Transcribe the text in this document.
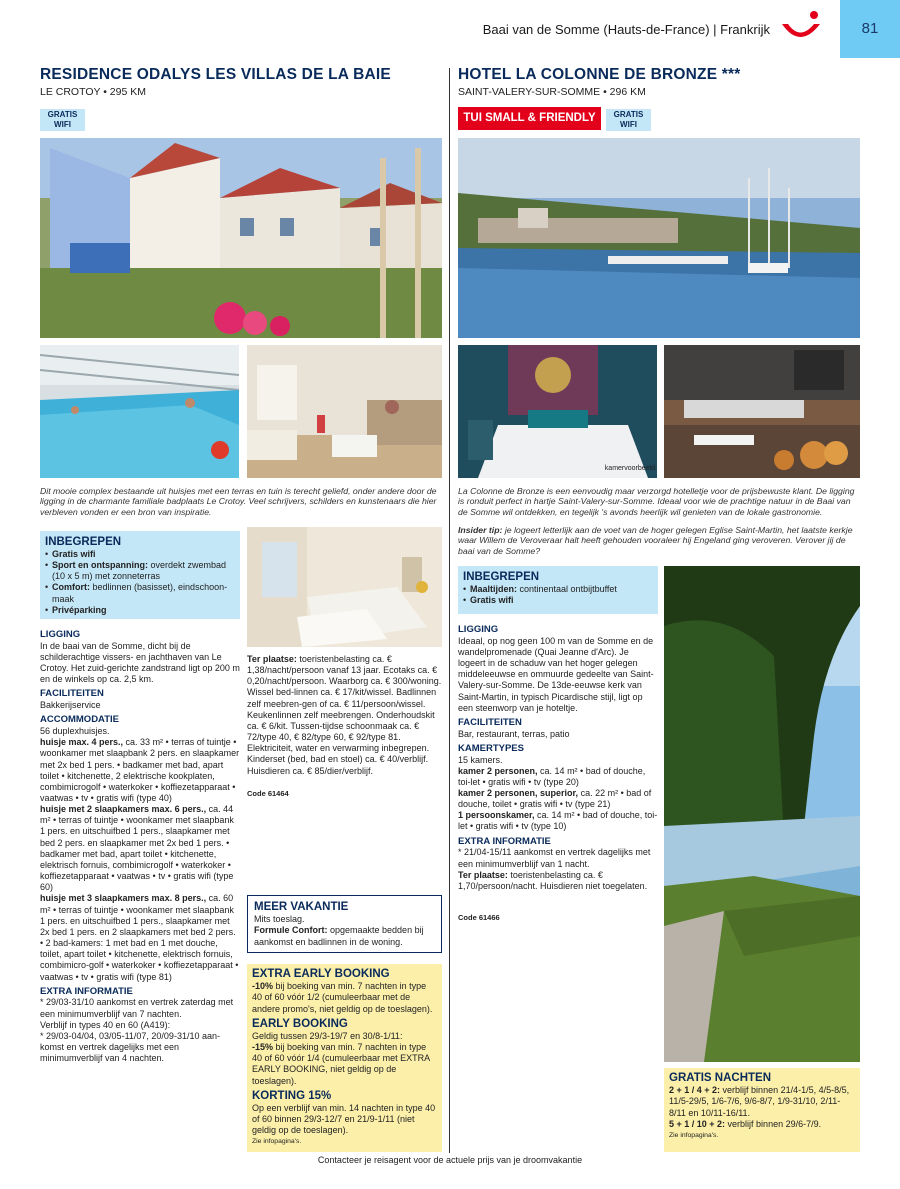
Baai van de Somme (Hauts-de-France) | Frankrijk	81
RESIDENCE ODALYS LES VILLAS DE LA BAIE
LE CROTOY • 295 KM
GRATIS
WIFI
Dit mooie complex bestaande uit huisjes met een terras en tuin is terecht geliefd, onder andere door de ligging in de charmante familiale badplaats Le Crotoy. Veel schrijvers, schilders en kunstenaars die hier verbleven vonden er een bron van inspiratie.
INBEGREPEN
• Gratis wifi
• Sport en ontspanning: overdekt zwembad (10 x 5 m) met zonneterras
• Comfort: bedlinnen (basisset), eindschoon-maak
• Privéparking
LIGGING
In de baai van de Somme, dicht bij de schilderachtige vissers- en jachthaven van Le Crotoy. Het zuid-gerichte zandstrand ligt op 200 m en de winkels op ca. 2,5 km.
FACILITEITEN
Bakkerijservice
ACCOMMODATIE
56 duplexhuisjes.
huisje max. 4 pers., ca. 33 m² • terras of tuintje • woonkamer met slaapbank 2 pers. en slaapkamer met 2x bed 1 pers. • badkamer met bad, apart toilet • kitchenette, 2 elektrische kookplaten, combimicrogolf • waterkoker • koffiezetapparaat • vaatwas • tv • gratis wifi (type 40)
huisje met 2 slaapkamers max. 6 pers., ca. 44 m² • terras of tuintje • woonkamer met slaapbank 1 pers. en uitschuifbed 1 pers., slaapkamer met bed 2 pers. en slaapkamer met 2x bed 1 pers. • badkamer met bad, apart toilet • kitchenette, elektrisch fornuis, combimicrogolf • waterkoker • koffiezetapparaat • vaatwas • tv • gratis wifi (type 60)
huisje met 3 slaapkamers max. 8 pers., ca. 60 m² • terras of tuintje • woonkamer met slaapbank 1 pers. en uitschuifbed 1 pers., slaapkamer met 2x bed 1 pers. en 2 slaapkamers met bed 2 pers. • 2 bad-kamers: 1 met bad en 1 met douche, toilet, apart toilet • kitchenette, elektrisch fornuis, combimicro-golf • waterkoker • koffiezetapparaat • vaatwas • tv • gratis wifi (type 81)
EXTRA INFORMATIE
* 29/03-31/10 aankomst en vertrek zaterdag met een minimumverblijf van 7 nachten.
Verblijf in types 40 en 60 (A419):
* 29/03-04/04, 03/05-11/07, 20/09-31/10 aan-komst en vertrek dagelijks met een minimumverblijf van 4 nachten.
Ter plaatse: toeristenbelasting ca. € 1,38/nacht/persoon vanaf 13 jaar. Ecotaks ca. € 0,20/nacht/persoon. Waarborg ca. € 300/woning. Wissel bed-linnen ca. € 17/kit/wissel. Badlinnen zelf meebren-gen of ca. € 11/persoon/wissel. Keukenlinnen zelf meebrengen. Onderhoudskit ca. € 6/kit. Tussen-tijdse schoonmaak ca. € 72/type 40, € 82/type 60, € 92/type 81. Elektriciteit, water en verwarming inbegrepen. Kinderset (bed, bad en stoel) ca. € 40/verblijf. Huisdieren ca. € 85/dier/verblijf.
Code 61464
MEER VAKANTIE
Mits toeslag.
Formule Confort: opgemaakte bedden bij aankomst en badlinnen in de woning.
EXTRA EARLY BOOKING
-10% bij boeking van min. 7 nachten in type 40 of 60 vóór 1/2 (cumuleerbaar met de andere promo's, niet geldig op de toeslagen).
EARLY BOOKING
Geldig tussen 29/3-19/7 en 30/8-1/11:
-15% bij boeking van min. 7 nachten in type 40 of 60 vóór 1/4 (cumuleerbaar met EXTRA EARLY BOOKING, niet geldig op de toeslagen).
KORTING 15%
Op een verblijf van min. 14 nachten in type 40 of 60 binnen 29/3-12/7 en 21/9-1/11 (niet geldig op de toeslagen).
Zie infopagina's.
HOTEL LA COLONNE DE BRONZE ***
SAINT-VALERY-SUR-SOMME • 296 KM
TUI SMALL & FRIENDLY	GRATIS
WIFI
kamervoorbeeld
La Colonne de Bronze is een eenvoudig maar verzorgd hotelletje voor de prijsbewuste klant. De ligging is ronduit perfect in hartje Saint-Valery-sur-Somme. Ideaal voor wie de prachtige natuur in de Baai van de Somme wil ontdekken, en tegelijk 's avonds heerlijk wil genieten van de lokale gastronomie.
Insider tip: je logeert letterlijk aan de voet van de hoger gelegen Eglise Saint-Martin, het laatste kerkje waar Willem de Veroveraar halt heeft gehouden vooraleer hij Engeland ging veroveren. Verover jij de baai van de Somme?
INBEGREPEN
• Maaltijden: continentaal ontbijtbuffet
• Gratis wifi
LIGGING
Ideaal, op nog geen 100 m van de Somme en de wandelpromenade (Quai Jeanne d'Arc). Je logeert in de schaduw van het hoger gelegen middeleeuwse en ommuurde gedeelte van Saint-Valery-sur-Somme. De 13de-eeuwse kerk van Saint-Martin, in typisch Picardische stijl, ligt op een steenworp van je hoteltje.
FACILITEITEN
Bar, restaurant, terras, patio
KAMERTYPES
15 kamers.
kamer 2 personen, ca. 14 m² • bad of douche, toi-let • gratis wifi • tv (type 20)
kamer 2 personen, superior, ca. 22 m² • bad of douche, toilet • gratis wifi • tv (type 21)
1 persoonskamer, ca. 14 m² • bad of douche, toi-let • gratis wifi • tv (type 10)
EXTRA INFORMATIE
* 21/04-15/11 aankomst en vertrek dagelijks met een minimumverblijf van 1 nacht.
Ter plaatse: toeristenbelasting ca. € 1,70/persoon/nacht. Huisdieren niet toegelaten.
Code 61466
GRATIS NACHTEN
2 + 1 / 4 + 2: verblijf binnen 21/4-1/5, 4/5-8/5, 11/5-29/5, 1/6-7/6, 9/6-8/7, 1/9-31/10, 2/11-8/11 en 10/11-16/11.
5 + 1 / 10 + 2: verblijf binnen 29/6-7/9.
Zie infopagina's.
Contacteer je reisagent voor de actuele prijs van je droomvakantie
